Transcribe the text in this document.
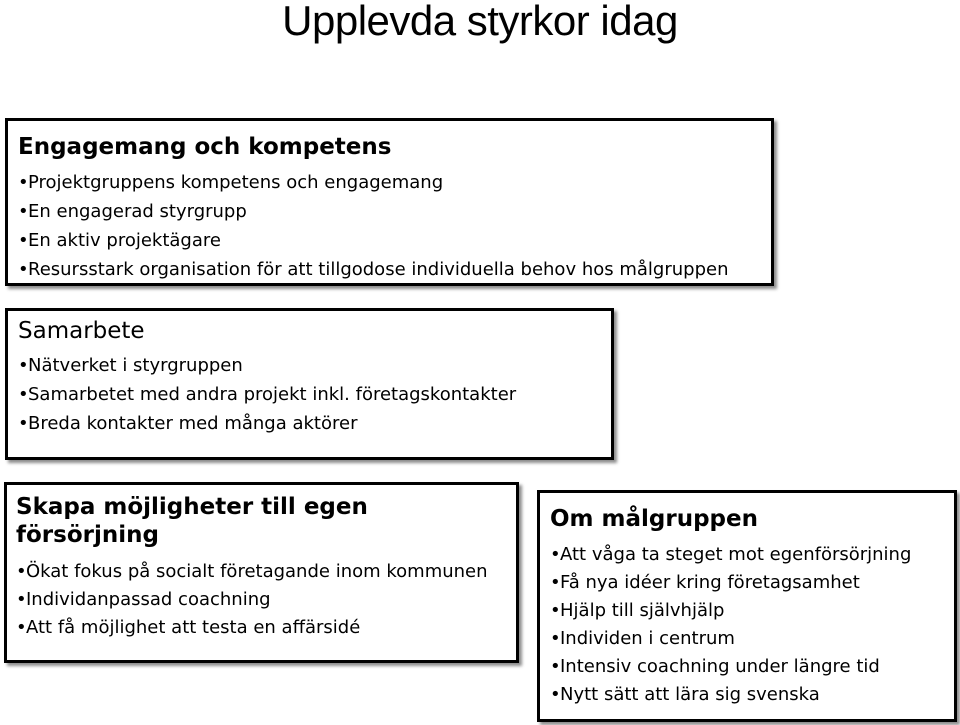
Upplevda styrkor idag
Engagemang och kompetens
• Projektgruppens kompetens och engagemang
• En engagerad styrgrupp
• En aktiv projektägare
• Resursstark organisation för att tillgodose individuella behov hos målgruppen
Samarbete
• Nätverket i styrgruppen
• Samarbetet med andra projekt inkl. företagskontakter
• Breda kontakter med många aktörer
Skapa möjligheter till egen försörjning
• Ökat fokus på socialt företagande inom kommunen
• Individanpassad coachning
• Att få möjlighet att testa en affärsidé
Om målgruppen
• Att våga ta steget mot egenförsörjning
• Få nya idéer kring företagsamhet
• Hjälp till självhjälp
• Individen i centrum
• Intensiv coachning under längre tid
• Nytt sätt att lära sig svenska
